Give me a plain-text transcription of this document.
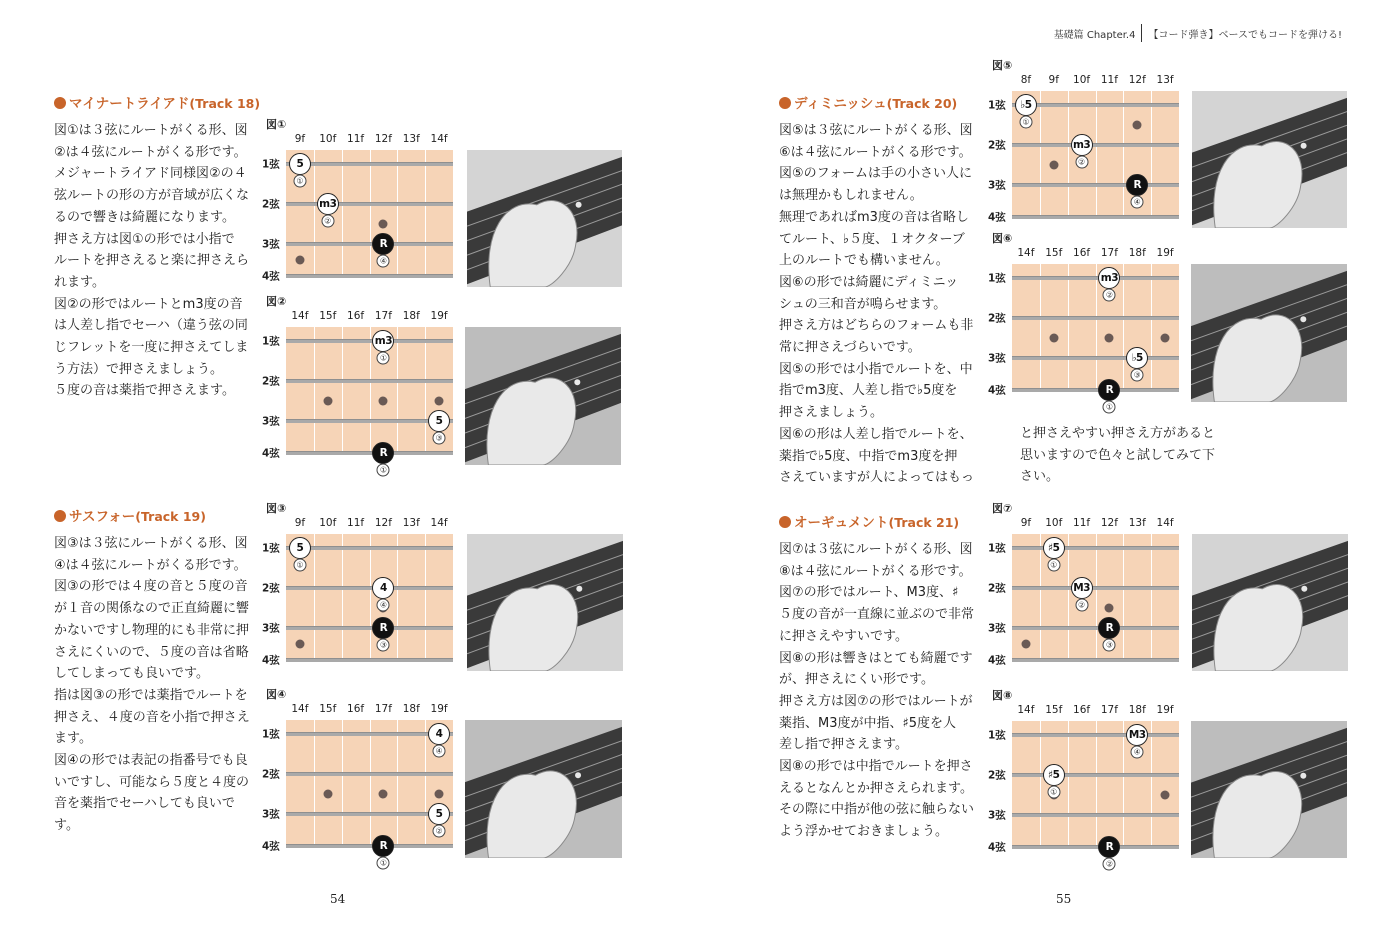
基礎篇 Chapter.4 【コード弾き】ベースでもコードを弾ける!
マイナートライアド(Track 18)

図①は３弦にルートがくる形、図

②は４弦にルートがくる形です。

メジャートライアド同様図②の４

弦ルートの形の方が音域が広くな

るので響きは綺麗になります。

押さえ方は図①の形では小指で

ルートを押さえると楽に押さえら

れます。

図②の形ではルートとm3度の音

は人差し指でセーハ（違う弦の同

じフレットを一度に押さえてしま

う方法）で押さえましょう。

５度の音は薬指で押さえます。

サスフォー(Track 19)

図③は３弦にルートがくる形、図

④は４弦にルートがくる形です。

図③の形では４度の音と５度の音

が１音の関係なので正直綺麗に響

かないですし物理的にも非常に押

さえにくいので、５度の音は省略

してしまっても良いです。

指は図③の形では薬指でルートを

押さえ、４度の音を小指で押さえ

ます。

図④の形では表記の指番号でも良

いですし、可能なら５度と４度の

音を薬指でセーハしても良いで

す。

ディミニッシュ(Track 20)

図⑤は３弦にルートがくる形、図

⑥は４弦にルートがくる形です。

図⑤のフォームは手の小さい人に

は無理かもしれません。

無理であればm3度の音は省略し

てルート、♭５度、１オクターブ

上のルートでも構いません。

図⑥の形では綺麗にディミニッ

シュの三和音が鳴らせます。

押さえ方はどちらのフォームも非

常に押さえづらいです。

図⑤の形では小指でルートを、中

指でm3度、人差し指で♭5度を

押さえましょう。

図⑥の形は人差し指でルートを、

薬指で♭5度、中指でm3度を押

さえていますが人によってはもっ

と押さえやすい押さえ方があると

思いますので色々と試してみて下

さい。

オーギュメント(Track 21)

図⑦は３弦にルートがくる形、図

⑧は４弦にルートがくる形です。

図⑦の形ではルート、M3度、♯

５度の音が一直線に並ぶので非常

に押さえやすいです。

図⑧の形は響きはとても綺麗です

が、押さえにくい形です。

押さえ方は図⑦の形ではルートが

薬指、M3度が中指、♯5度を人

差し指で押さえます。

図⑧の形では中指でルートを押さ

えるとなんとか押さえられます。

その際に中指が他の弦に触らない

よう浮かせておきましょう。

図①
9f 10f 11f 12f 13f 14f
1弦
2弦
3弦
4弦
5
①
m3
②
R
④
図②
14f 15f 16f 17f 18f 19f
1弦
2弦
3弦
4弦
m3
①
5
③
R
①
図③
9f 10f 11f 12f 13f 14f
1弦
2弦
3弦
4弦
5
①
4
④
R
③
図④
14f 15f 16f 17f 18f 19f
1弦
2弦
3弦
4弦
4
④
5
②
R
①
図⑤
8f 9f 10f 11f 12f 13f
1弦
2弦
3弦
4弦
♭5
①
m3
②
R
④
図⑥
14f 15f 16f 17f 18f 19f
1弦
2弦
3弦
4弦
m3
②
♭5
③
R
①
図⑦
9f 10f 11f 12f 13f 14f
1弦
2弦
3弦
4弦
♯5
①
M3
②
R
③
図⑧
14f 15f 16f 17f 18f 19f
1弦
2弦
3弦
4弦
M3
④
♯5
①
R
②
54	55
